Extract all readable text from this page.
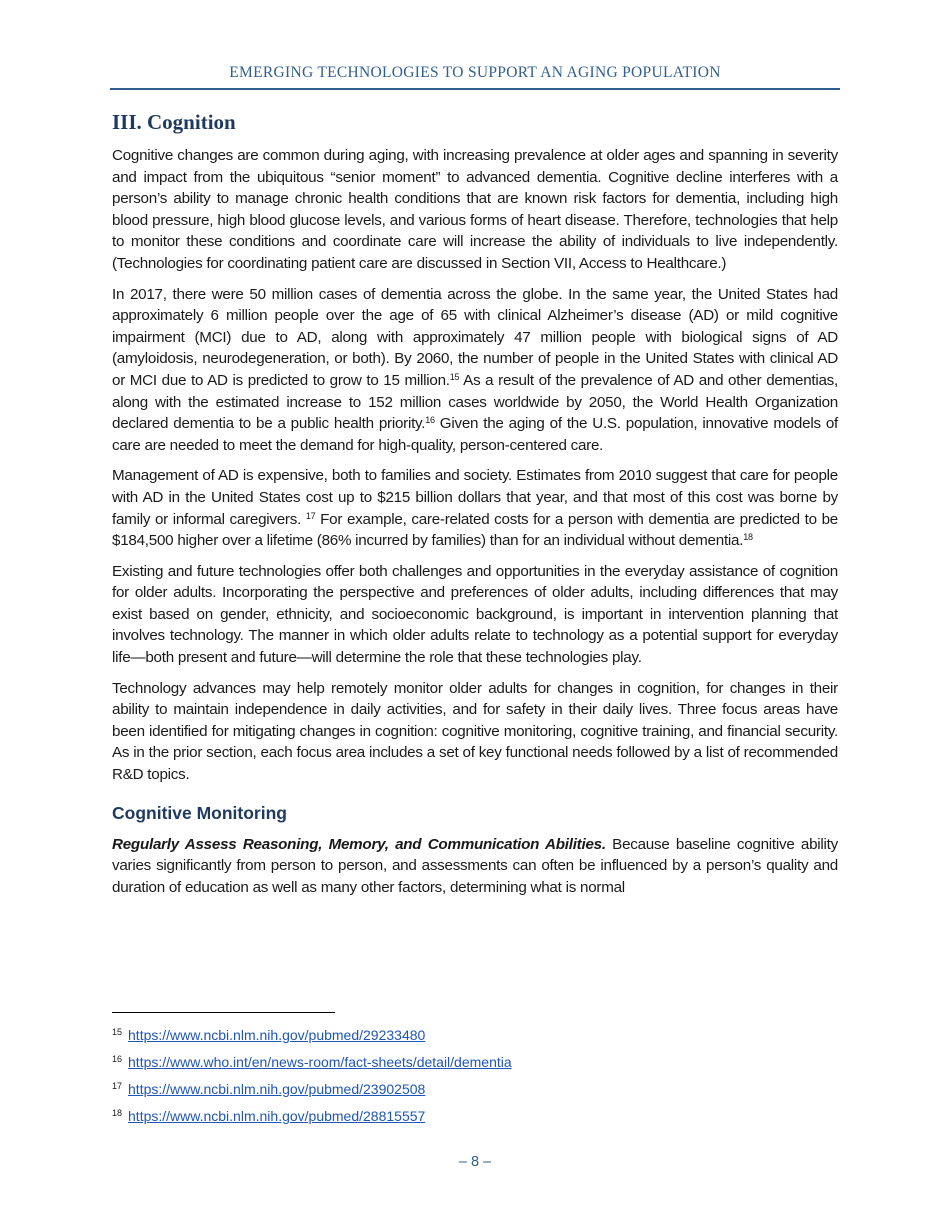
EMERGING TECHNOLOGIES TO SUPPORT AN AGING POPULATION
III. Cognition

Cognitive changes are common during aging, with increasing prevalence at older ages and spanning in severity and impact from the ubiquitous “senior moment” to advanced dementia. Cognitive decline interferes with a person’s ability to manage chronic health conditions that are known risk factors for dementia, including high blood pressure, high blood glucose levels, and various forms of heart disease. Therefore, technologies that help to monitor these conditions and coordinate care will increase the ability of individuals to live independently. (Technologies for coordinating patient care are discussed in Section VII, Access to Healthcare.)

In 2017, there were 50 million cases of dementia across the globe. In the same year, the United States had approximately 6 million people over the age of 65 with clinical Alzheimer’s disease (AD) or mild cognitive impairment (MCI) due to AD, along with approximately 47 million people with biological signs of AD (amyloidosis, neurodegeneration, or both). By 2060, the number of people in the United States with clinical AD or MCI due to AD is predicted to grow to 15 million.$^{15}$ As a result of the prevalence of AD and other dementias, along with the estimated increase to 152 million cases worldwide by 2050, the World Health Organization declared dementia to be a public health priority.$^{16}$ Given the aging of the U.S. population, innovative models of care are needed to meet the demand for high-quality, person-centered care.

Management of AD is expensive, both to families and society. Estimates from 2010 suggest that care for people with AD in the United States cost up to $215 billion dollars that year, and that most of this cost was borne by family or informal caregivers. $^{17}$ For example, care-related costs for a person with dementia are predicted to be $184,500 higher over a lifetime (86% incurred by families) than for an individual without dementia.$^{18}$

Existing and future technologies offer both challenges and opportunities in the everyday assistance of cognition for older adults. Incorporating the perspective and preferences of older adults, including differences that may exist based on gender, ethnicity, and socioeconomic background, is important in intervention planning that involves technology. The manner in which older adults relate to technology as a potential support for everyday life—both present and future—will determine the role that these technologies play.

Technology advances may help remotely monitor older adults for changes in cognition, for changes in their ability to maintain independence in daily activities, and for safety in their daily lives. Three focus areas have been identified for mitigating changes in cognition: cognitive monitoring, cognitive training, and financial security. As in the prior section, each focus area includes a set of key functional needs followed by a list of recommended R&D topics.

Cognitive Monitoring

Regularly Assess Reasoning, Memory, and Communication Abilities. Because baseline cognitive ability varies significantly from person to person, and assessments can often be influenced by a person’s quality and duration of education as well as many other factors, determining what is normal

$^{15}$ https://www.ncbi.nlm.nih.gov/pubmed/29233480
$^{16}$ https://www.who.int/en/news-room/fact-sheets/detail/dementia
$^{17}$ https://www.ncbi.nlm.nih.gov/pubmed/23902508
$^{18}$ https://www.ncbi.nlm.nih.gov/pubmed/28815557
– 8 –
